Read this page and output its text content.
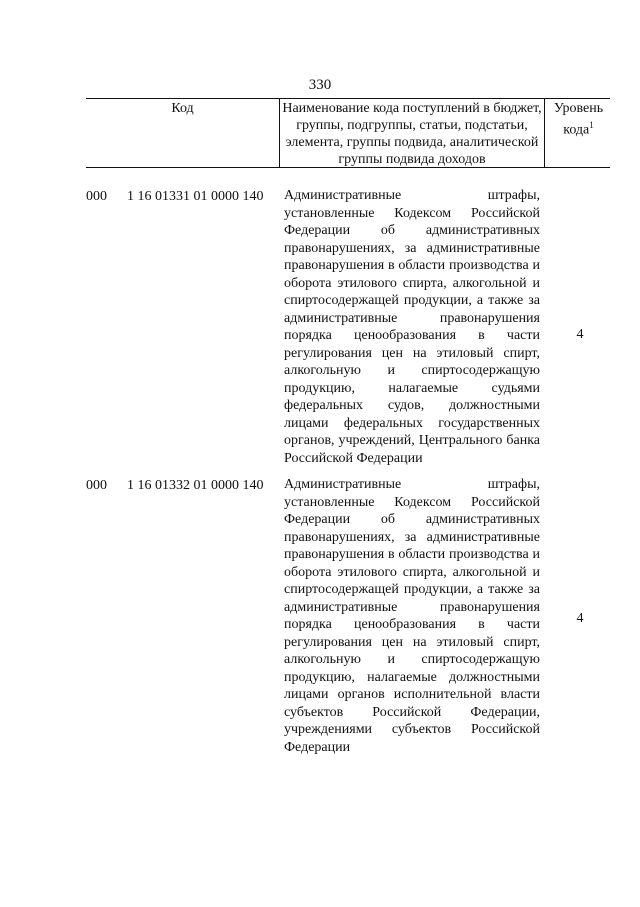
330
Код	Наименование кода поступлений в бюджет, группы, подгруппы, статьи, подстатьи, элемента, группы подвида, аналитической группы подвида доходов
Уровень кода$^1$
000 1 16 01331 01 0000 140 Административные штрафы, установленные Кодексом Российской Федерации об административных правонарушениях, за административные правонарушения в области производства и оборота этилового спирта, алкогольной и спиртосодержащей продукции, а также за административные правонарушения порядка ценообразования в части регулирования цен на этиловый спирт, алкогольную и спиртосодержащую продукцию, налагаемые судьями федеральных судов, должностными лицами федеральных государственных органов, учреждений, Центрального банка Российской Федерации
4
000 1 16 01332 01 0000 140 Административные штрафы, установленные Кодексом Российской Федерации об административных правонарушениях, за административные правонарушения в области производства и оборота этилового спирта, алкогольной и спиртосодержащей продукции, а также за административные правонарушения порядка ценообразования в части регулирования цен на этиловый спирт, алкогольную и спиртосодержащую продукцию, налагаемые должностными лицами органов исполнительной власти субъектов Российской Федерации, учреждениями субъектов Российской Федерации
4
